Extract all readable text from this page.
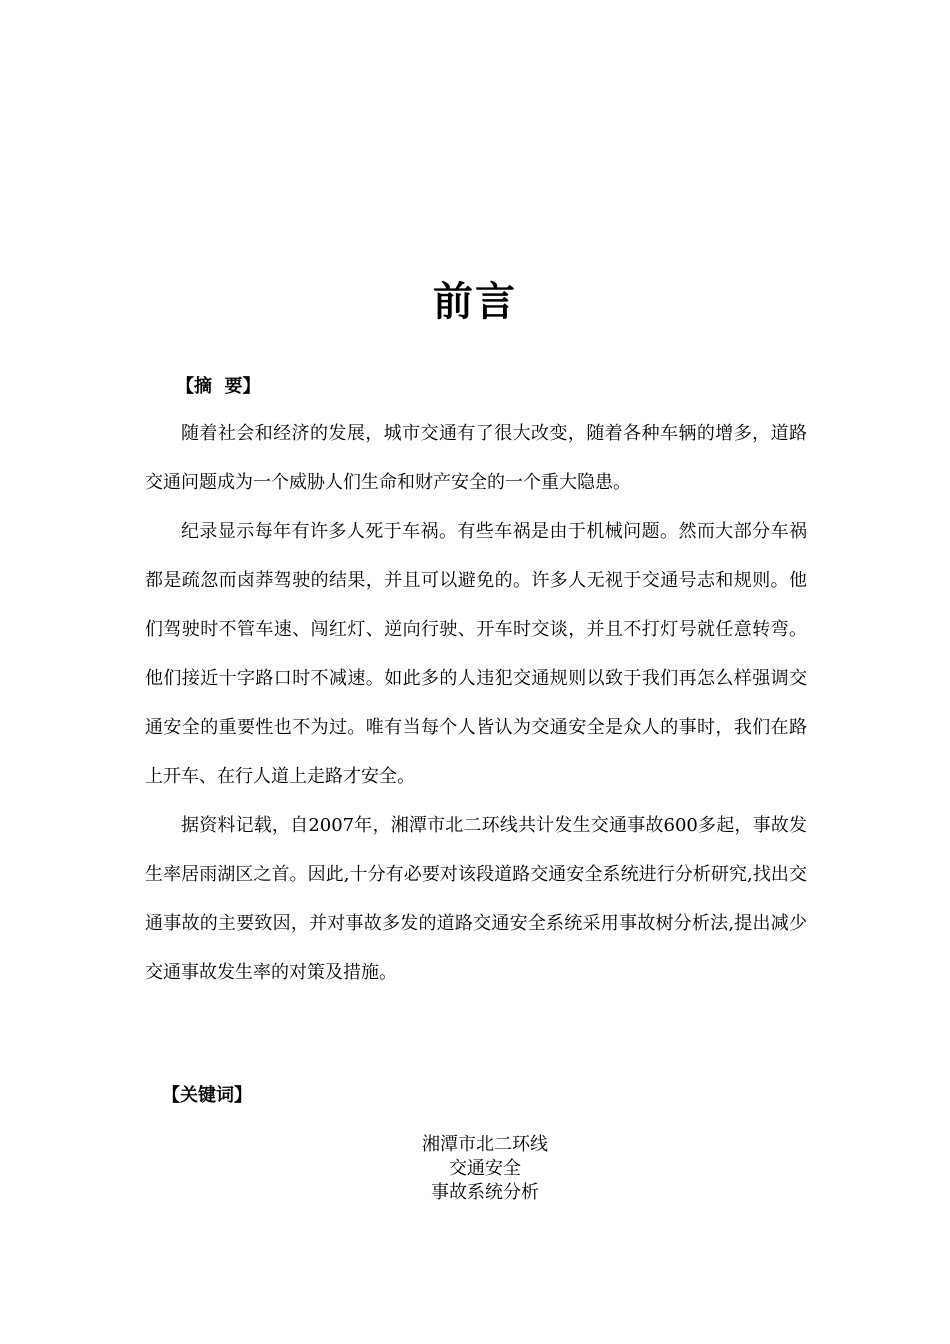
前言
【摘  要】

随着社会和经济的发展，城市交通有了很大改变，随着各种车辆的增多，道路交通问题成为一个威胁人们生命和财产安全的一个重大隐患。

纪录显示每年有许多人死于车祸。有些车祸是由于机械问题。然而大部分车祸都是疏忽而卤莽驾驶的结果，并且可以避免的。许多人无视于交通号志和规则。他们驾驶时不管车速、闯红灯、逆向行驶、开车时交谈，并且不打灯号就任意转弯。他们接近十字路口时不减速。如此多的人违犯交通规则以致于我们再怎么样强调交通安全的重要性也不为过。唯有当每个人皆认为交通安全是众人的事时，我们在路上开车、在行人道上走路才安全。

据资料记载，自2007年，湘潭市北二环线共计发生交通事故600多起，事故发生率居雨湖区之首。因此,十分有必要对该段道路交通安全系统进行分析研究,找出交通事故的主要致因，并对事故多发的道路交通安全系统采用事故树分析法,提出减少交通事故发生率的对策及措施。

【关键词】
湘潭市北二环线
交通安全
事故系统分析
